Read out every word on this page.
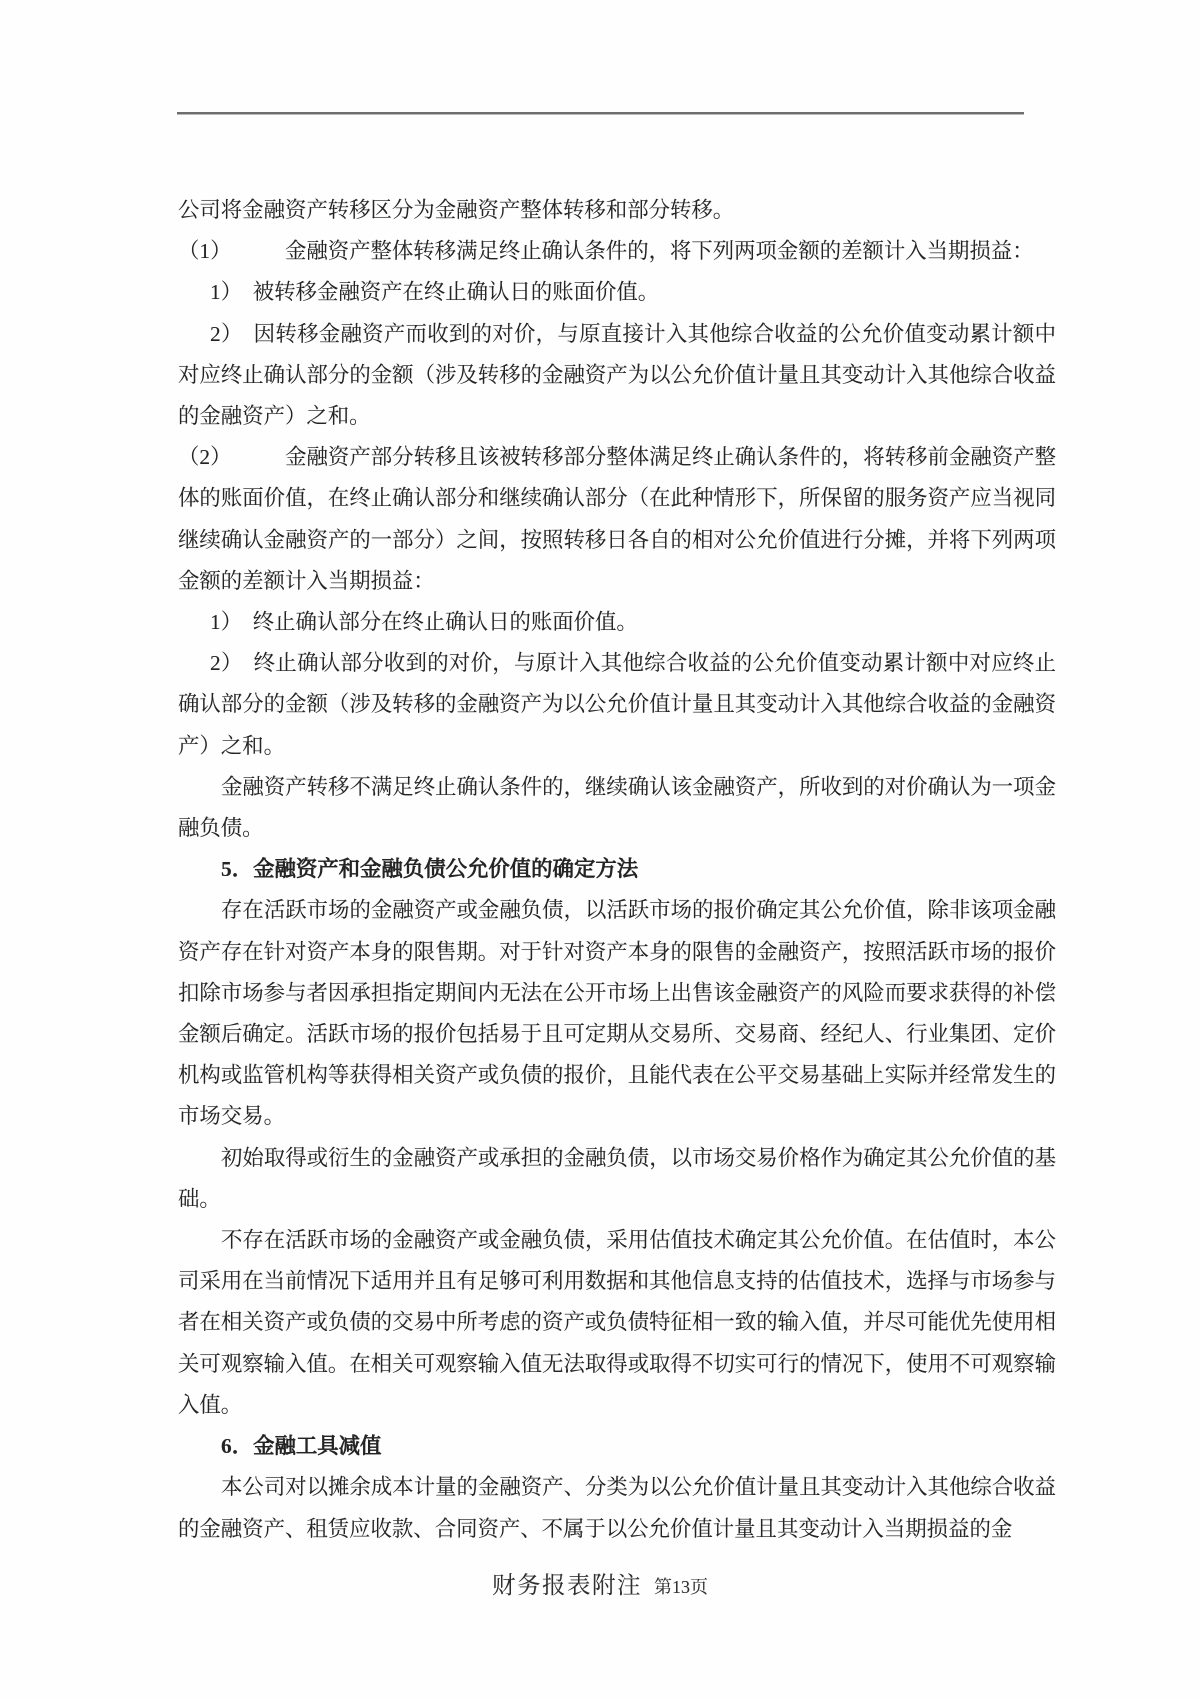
公司将金融资产转移区分为金融资产整体转移和部分转移。

（1）　　　金融资产整体转移满足终止确认条件的，将下列两项金额的差额计入当期损益：

1）　被转移金融资产在终止确认日的账面价值。

2）　因转移金融资产而收到的对价，与原直接计入其他综合收益的公允价值变动累计额中对应终止确认部分的金额（涉及转移的金融资产为以公允价值计量且其变动计入其他综合收益的金融资产）之和。

（2）　　　金融资产部分转移且该被转移部分整体满足终止确认条件的，将转移前金融资产整体的账面价值，在终止确认部分和继续确认部分（在此种情形下，所保留的服务资产应当视同继续确认金融资产的一部分）之间，按照转移日各自的相对公允价值进行分摊，并将下列两项金额的差额计入当期损益：

1）　终止确认部分在终止确认日的账面价值。

2）　终止确认部分收到的对价，与原计入其他综合收益的公允价值变动累计额中对应终止确认部分的金额（涉及转移的金融资产为以公允价值计量且其变动计入其他综合收益的金融资产）之和。

金融资产转移不满足终止确认条件的，继续确认该金融资产，所收到的对价确认为一项金融负债。

5．金融资产和金融负债公允价值的确定方法

存在活跃市场的金融资产或金融负债，以活跃市场的报价确定其公允价值，除非该项金融资产存在针对资产本身的限售期。对于针对资产本身的限售的金融资产，按照活跃市场的报价扣除市场参与者因承担指定期间内无法在公开市场上出售该金融资产的风险而要求获得的补偿金额后确定。活跃市场的报价包括易于且可定期从交易所、交易商、经纪人、行业集团、定价机构或监管机构等获得相关资产或负债的报价，且能代表在公平交易基础上实际并经常发生的市场交易。

初始取得或衍生的金融资产或承担的金融负债，以市场交易价格作为确定其公允价值的基础。

不存在活跃市场的金融资产或金融负债，采用估值技术确定其公允价值。在估值时，本公司采用在当前情况下适用并且有足够可利用数据和其他信息支持的估值技术，选择与市场参与者在相关资产或负债的交易中所考虑的资产或负债特征相一致的输入值，并尽可能优先使用相关可观察输入值。在相关可观察输入值无法取得或取得不切实可行的情况下，使用不可观察输入值。

6．金融工具减值

本公司对以摊余成本计量的金融资产、分类为以公允价值计量且其变动计入其他综合收益的金融资产、租赁应收款、合同资产、不属于以公允价值计量且其变动计入当期损益的金

财务报表附注 第13页
